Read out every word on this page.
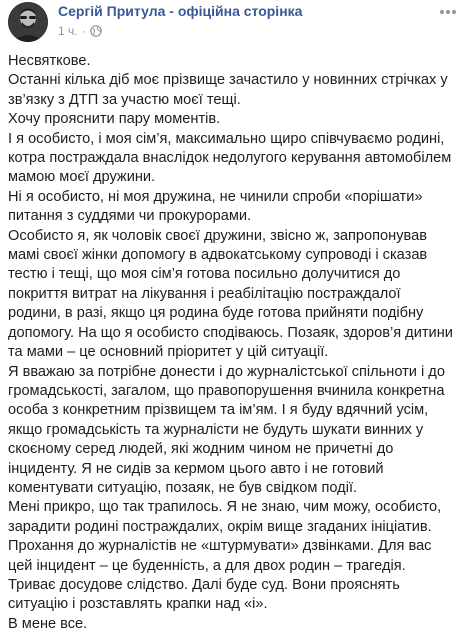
Сергій Притула - офіційна сторінка
1 ч. ·

Несвяткове.

Останні кілька діб моє прізвище зачастило у новинних стрічках у зв’язку з ДТП за участю моєї тещі.

Хочу прояснити пару моментів.

І я особисто, і моя сім’я, максимально щиро співчуваємо родині, котра постраждала внаслідок недолугого керування автомобілем мамою моєї дружини.

Ні я особисто, ні моя дружина, не чинили спроби «порішати» питання з суддями чи прокурорами.

Особисто я, як чоловік своєї дружини, звісно ж, запропонував мамі своєї жінки допомогу в адвокатському супроводі і сказав тестю і тещі, що моя сім’я готова посильно долучитися до покриття витрат на лікування і реабілітацію постраждалої родини, в разі, якщо ця родина буде готова прийняти подібну допомогу. На що я особисто сподіваюсь. Позаяк, здоров’я дитини та мами – це основний пріоритет у цій ситуації.

Я вважаю за потрібне донести і до журналістської спільноти і до громадськості, загалом, що правопорушення вчинила конкретна особа з конкретним прізвищем та ім’ям. І я буду вдячний усім, якщо громадськість та журналісти не будуть шукати винних у скоєному серед людей, які жодним чином не причетні до інциденту. Я не сидів за кермом цього авто і не готовий коментувати ситуацію, позаяк, не був свідком події.

Мені прикро, що так трапилось. Я не знаю, чим можу, особисто, зарадити родині постраждалих, окрім вище згаданих ініціатив.

Прохання до журналістів не «штурмувати» дзвінками. Для вас цей інцидент – це буденність, а для двох родин – трагедія. Триває досудове слідство. Далі буде суд. Вони прояснять ситуацію і розставлять крапки над «і».

В мене все.
